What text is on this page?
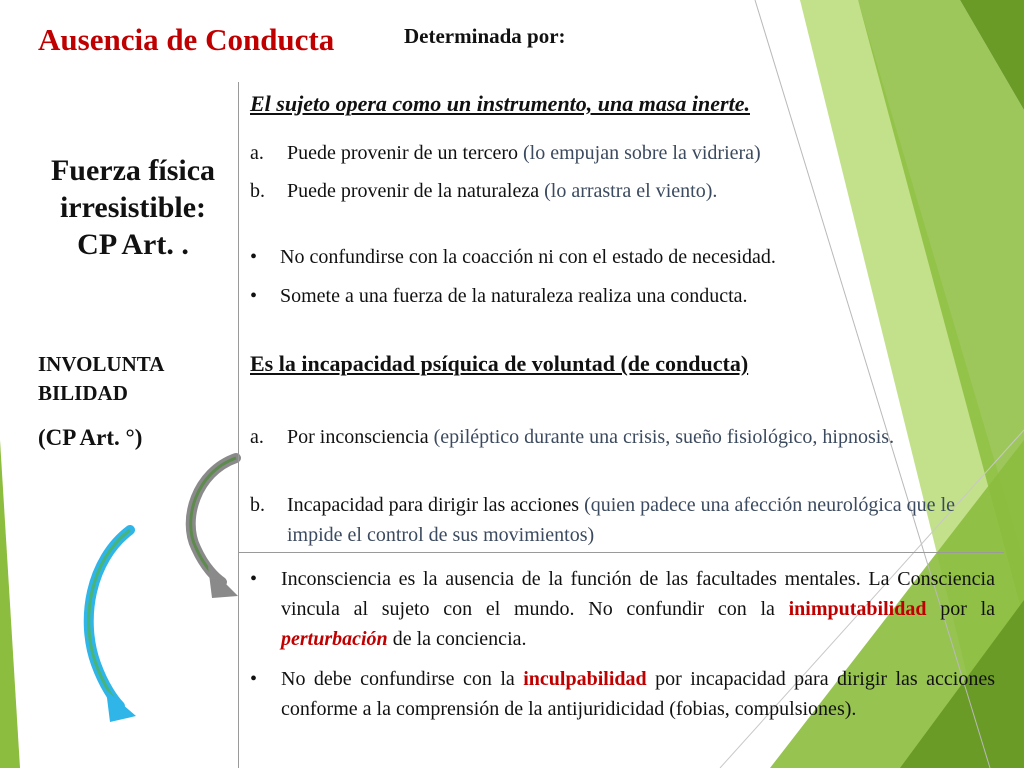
Ausencia de Conducta	Determinada por:
Fuerza física
irresistible:
CP Art. .
INVOLUNTA
BILIDAD
(CP Art. °)
El sujeto opera como un instrumento, una masa inerte.
a. Puede provenir de un tercero (lo empujan sobre la vidriera)
b. Puede provenir de la naturaleza (lo arrastra el viento).
• No confundirse con la coacción ni con el estado de necesidad.
• Somete a una fuerza de la naturaleza realiza una conducta.
Es la incapacidad psíquica de voluntad (de conducta)
a. Por inconsciencia (epiléptico durante una crisis, sueño fisiológico, hipnosis.
b. Incapacidad para dirigir las acciones (quien padece una afección neurológica que le impide el control de sus movimientos)
• Inconsciencia es la ausencia de la función de las facultades mentales. La Consciencia vincula al sujeto con el mundo. No confundir con la inimputabilidad por la perturbación de la conciencia.
• No debe confundirse con la inculpabilidad por incapacidad para dirigir las acciones conforme a la comprensión de la antijuridicidad (fobias, compulsiones).
